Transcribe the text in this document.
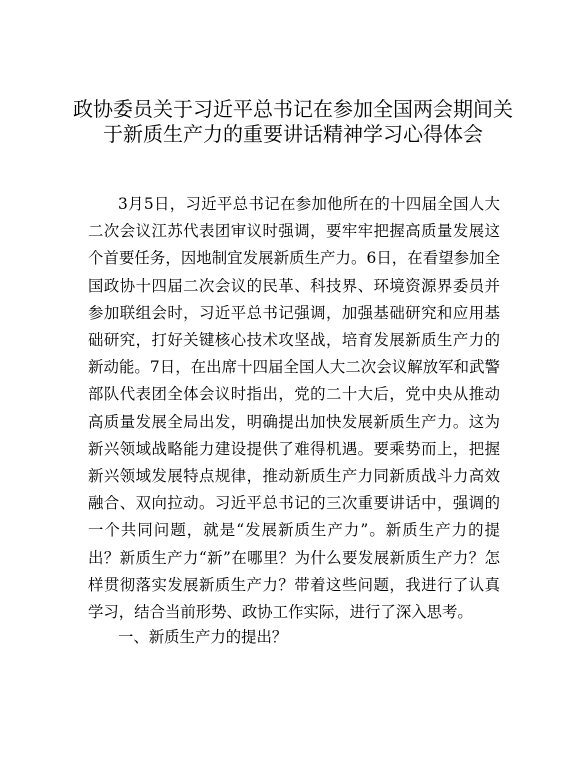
政协委员关于习近平总书记在参加全国两会期间关于新质生产力的重要讲话精神学习心得体会

3月5日，习近平总书记在参加他所在的十四届全国人大二次会议江苏代表团审议时强调，要牢牢把握高质量发展这个首要任务，因地制宜发展新质生产力。6日，在看望参加全国政协十四届二次会议的民革、科技界、环境资源界委员并参加联组会时，习近平总书记强调，加强基础研究和应用基础研究，打好关键核心技术攻坚战，培育发展新质生产力的新动能。7日，在出席十四届全国人大二次会议解放军和武警部队代表团全体会议时指出，党的二十大后，党中央从推动高质量发展全局出发，明确提出加快发展新质生产力。这为新兴领域战略能力建设提供了难得机遇。要乘势而上，把握新兴领域发展特点规律，推动新质生产力同新质战斗力高效融合、双向拉动。习近平总书记的三次重要讲话中，强调的一个共同问题，就是“发展新质生产力”。新质生产力的提出？新质生产力“新”在哪里？为什么要发展新质生产力？怎样贯彻落实发展新质生产力？带着这些问题，我进行了认真学习，结合当前形势、政协工作实际，进行了深入思考。

一、新质生产力的提出？
